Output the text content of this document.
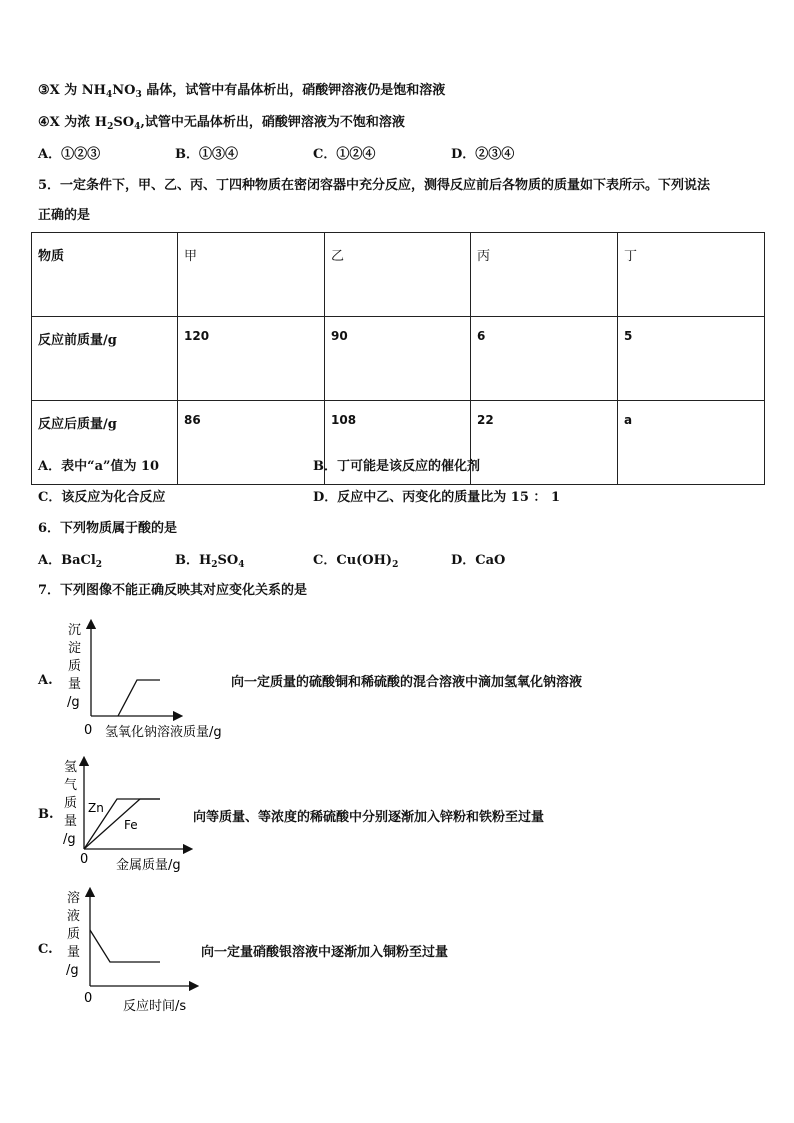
③X 为 $NH_4NO_3$ 晶体，试管中有晶体析出，硝酸钾溶液仍是饱和溶液
④X 为浓 $H_2SO_4$,试管中无晶体析出，硝酸钾溶液为不饱和溶液
A．①②③	B．①③④	C．①②④	D．②③④
5．一定条件下，甲、乙、丙、丁四种物质在密闭容器中充分反应，测得反应前后各物质的质量如下表所示。下列说法
正确的是
物质	甲	乙	丙	丁
反应前质量/g	120	90	6	5
反应后质量/g	86	108	22	a
A．表中“a”值为 10	B．丁可能是该反应的催化剂
C．该反应为化合反应	D．反应中乙、丙变化的质量比为 15 ： 1
6．下列物质属于酸的是
A．BaCl$_2$	B．$H_2SO_4$	C．$Cu(OH)_2$	D．CaO
7．下列图像不能正确反映其对应变化关系的是
A.
沉
淀
质
量
/g
0 氢氧化钠溶液质量/g
向一定质量的硫酸铜和稀硫酸的混合溶液中滴加氢氧化钠溶液
B.	Zn
Fe
氢
气
质
量
/g
0 金属质量/g
向等质量、等浓度的稀硫酸中分别逐渐加入锌粉和铁粉至过量
C.
溶
液
质
量
/g
0
反应时间/s
向一定量硝酸银溶液中逐渐加入铜粉至过量
